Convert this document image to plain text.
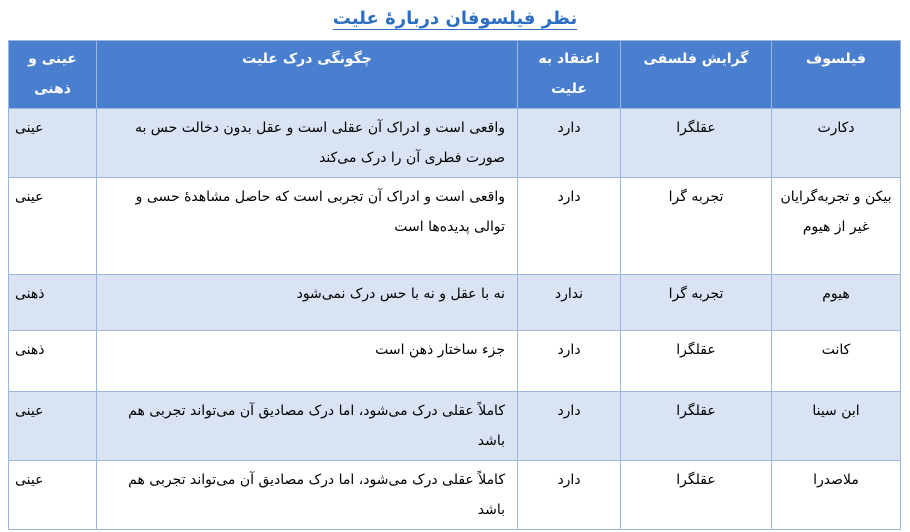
نظر فیلسوفان دربارهٔ علیت
فیلسوف	گرایش فلسفی	اعتقاد به علیت	چگونگی درک علیت	عینی و ذهنی
دکارت	عقلگرا	دارد	واقعی است و ادراک آن عقلی است و عقل بدون دخالت حس به صورت فطری آن را درک می‌کند	عینی
بیکن و تجربه‌گرایان غیر از هیوم	تجربه گرا	دارد	واقعی است و ادراک آن تجربی است که حاصل مشاهدهٔ حسی و توالی پدیده‌ها است	عینی
هیوم	تجربه گرا	ندارد	نه با عقل و نه با حس درک نمی‌شود	ذهنی
کانت	عقلگرا	دارد	جزء ساختار ذهن است	ذهنی
ابن سینا	عقلگرا	دارد	کاملاً عقلی درک می‌شود، اما درک مصادیق آن می‌تواند تجربی هم باشد	عینی
ملاصدرا	عقلگرا	دارد	کاملاً عقلی درک می‌شود، اما درک مصادیق آن می‌تواند تجربی هم باشد	عینی
